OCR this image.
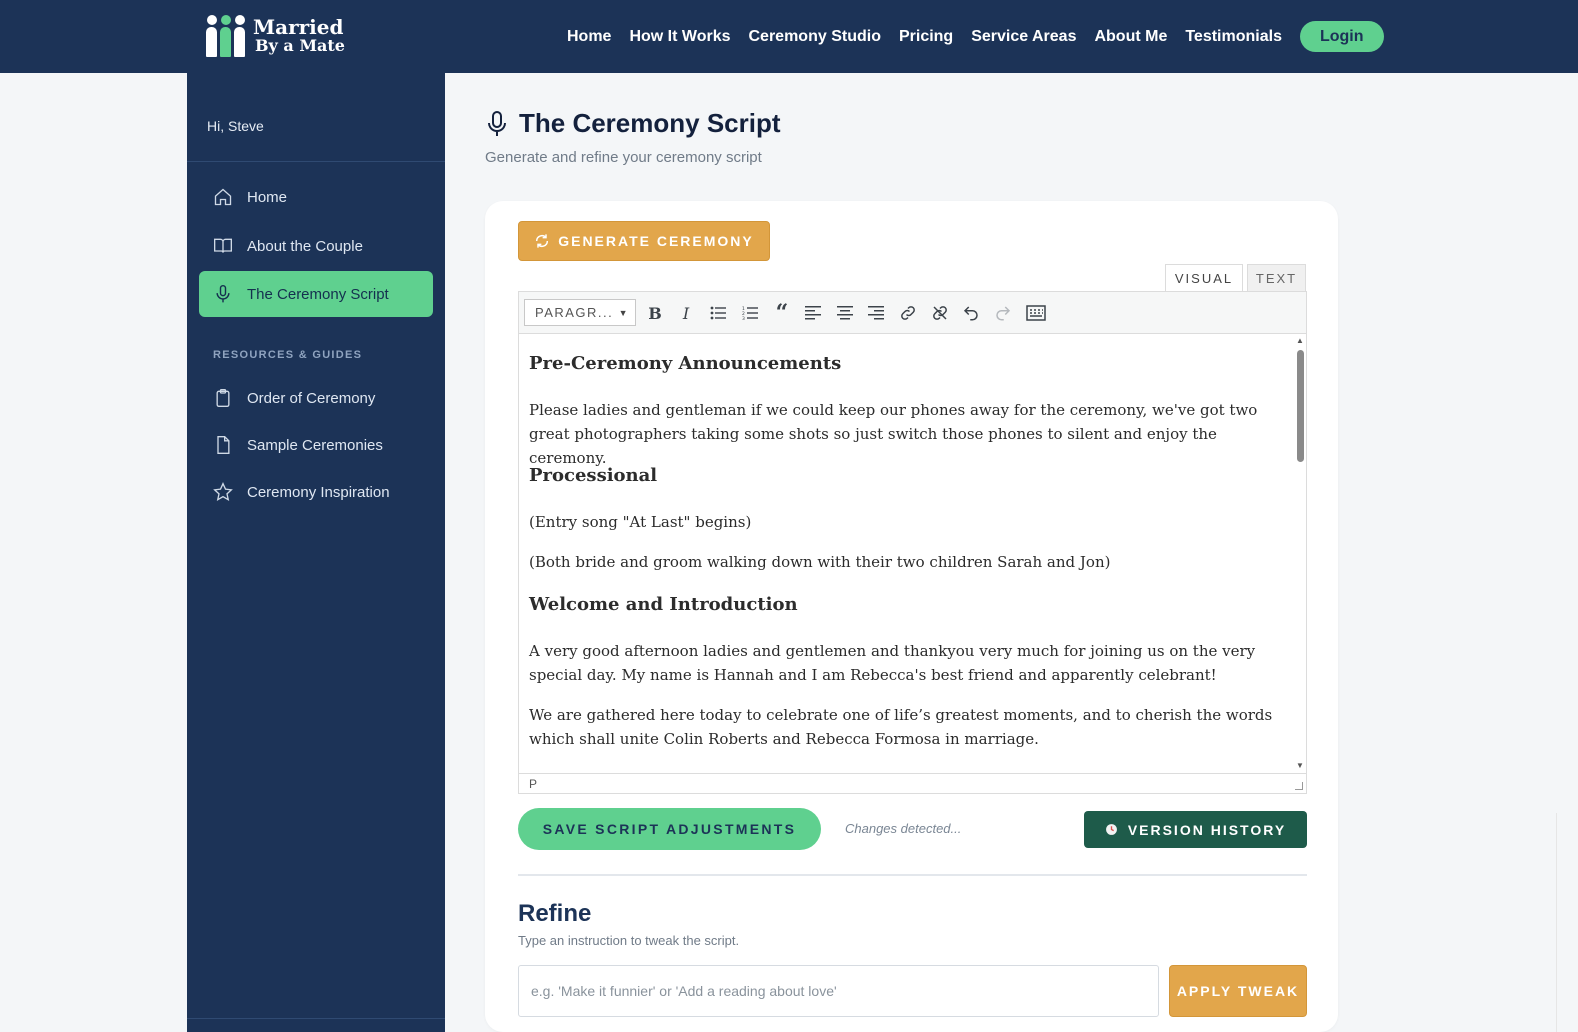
Married
By a Mate	Home How It Works Ceremony Studio Pricing Service Areas About Me Testimonials	Login
Hi, Steve
Home
About the Couple
The Ceremony Script
RESOURCES & GUIDES
Order of Ceremony
Sample Ceremonies
Ceremony Inspiration
The Ceremony Script
Generate and refine your ceremony script
GENERATE CEREMONY
VISUAL	TEXT
PARAGR... ▼	B	I	1
2
3 “
Pre-Ceremony Announcements

Please ladies and gentleman if we could keep our phones away for the ceremony, we've got two great photographers taking some shots so just switch those phones to silent and enjoy the ceremony.

Processional

(Entry song "At Last" begins)

(Both bride and groom walking down with their two children Sarah and Jon)

Welcome and Introduction

A very good afternoon ladies and gentlemen and thankyou very much for joining us on the very special day. My name is Hannah and I am Rebecca's best friend and apparently celebrant!

We are gathered here today to celebrate one of life’s greatest moments, and to cherish the words which shall unite Colin Roberts and Rebecca Formosa in marriage.

▲
▼
P
SAVE SCRIPT ADJUSTMENTS	Changes detected...	VERSION HISTORY
Refine
Type an instruction to tweak the script.
e.g. 'Make it funnier' or 'Add a reading about love'
APPLY TWEAK
